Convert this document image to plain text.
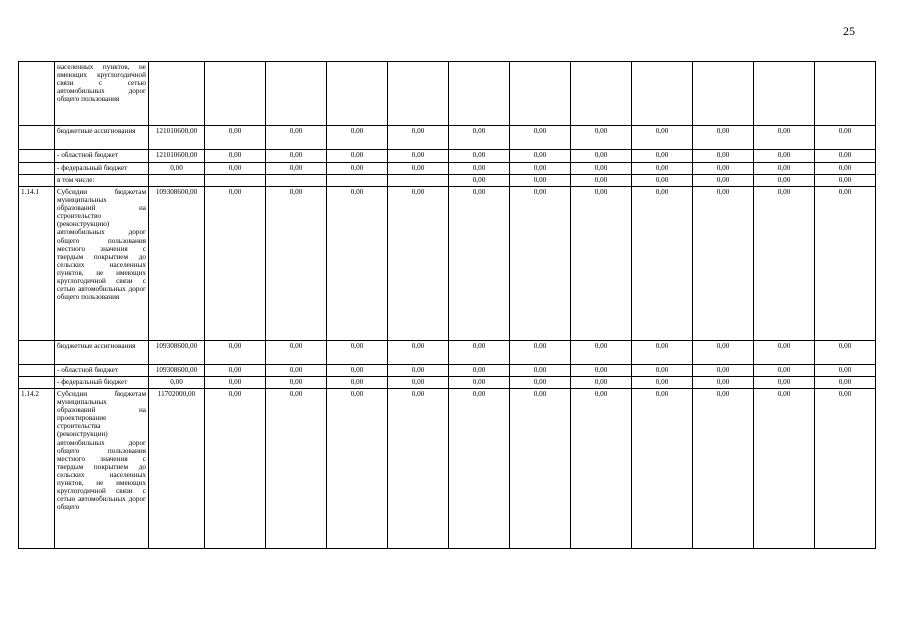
25
	населенных пунктов, не имеющих круглогодичной связи с сетью автомобильных дорог общего пользования												
	бюджетные ассигнования	121010600,00	0,00	0,00	0,00	0,00	0,00	0,00	0,00	0,00	0,00	0,00	0,00
	- областной бюджет	121010600,00	0,00	0,00	0,00	0,00	0,00	0,00	0,00	0,00	0,00	0,00	0,00
	- федеральный бюджет	0,00	0,00	0,00	0,00	0,00	0,00	0,00	0,00	0,00	0,00	0,00	0,00
	в том числе:						0,00	0,00	0,00	0,00	0,00	0,00	0,00
1.14.1	Субсидии бюджетам муниципальных образований на строительство (реконструкцию) автомобильных дорог общего пользования местного значения с твердым покрытием до сельских населенных пунктов, не имеющих круглогодичной связи с сетью автомобильных дорог общего пользования	109308600,00	0,00	0,00	0,00	0,00	0,00	0,00	0,00	0,00	0,00	0,00	0,00
	бюджетные ассигнования	109308600,00	0,00	0,00	0,00	0,00	0,00	0,00	0,00	0,00	0,00	0,00	0,00
	- областной бюджет	109308600,00	0,00	0,00	0,00	0,00	0,00	0,00	0,00	0,00	0,00	0,00	0,00
	- федеральный бюджет	0,00	0,00	0,00	0,00	0,00	0,00	0,00	0,00	0,00	0,00	0,00	0,00
1.14.2	Субсидии бюджетам муниципальных образований на проектирование строительства (реконструкции) автомобильных дорог общего пользования местного значения с твердым покрытием до сельских населенных пунктов, не имеющих круглогодичной связи с сетью автомобильных дорог общего	11702000,00	0,00	0,00	0,00	0,00	0,00	0,00	0,00	0,00	0,00	0,00	0,00
